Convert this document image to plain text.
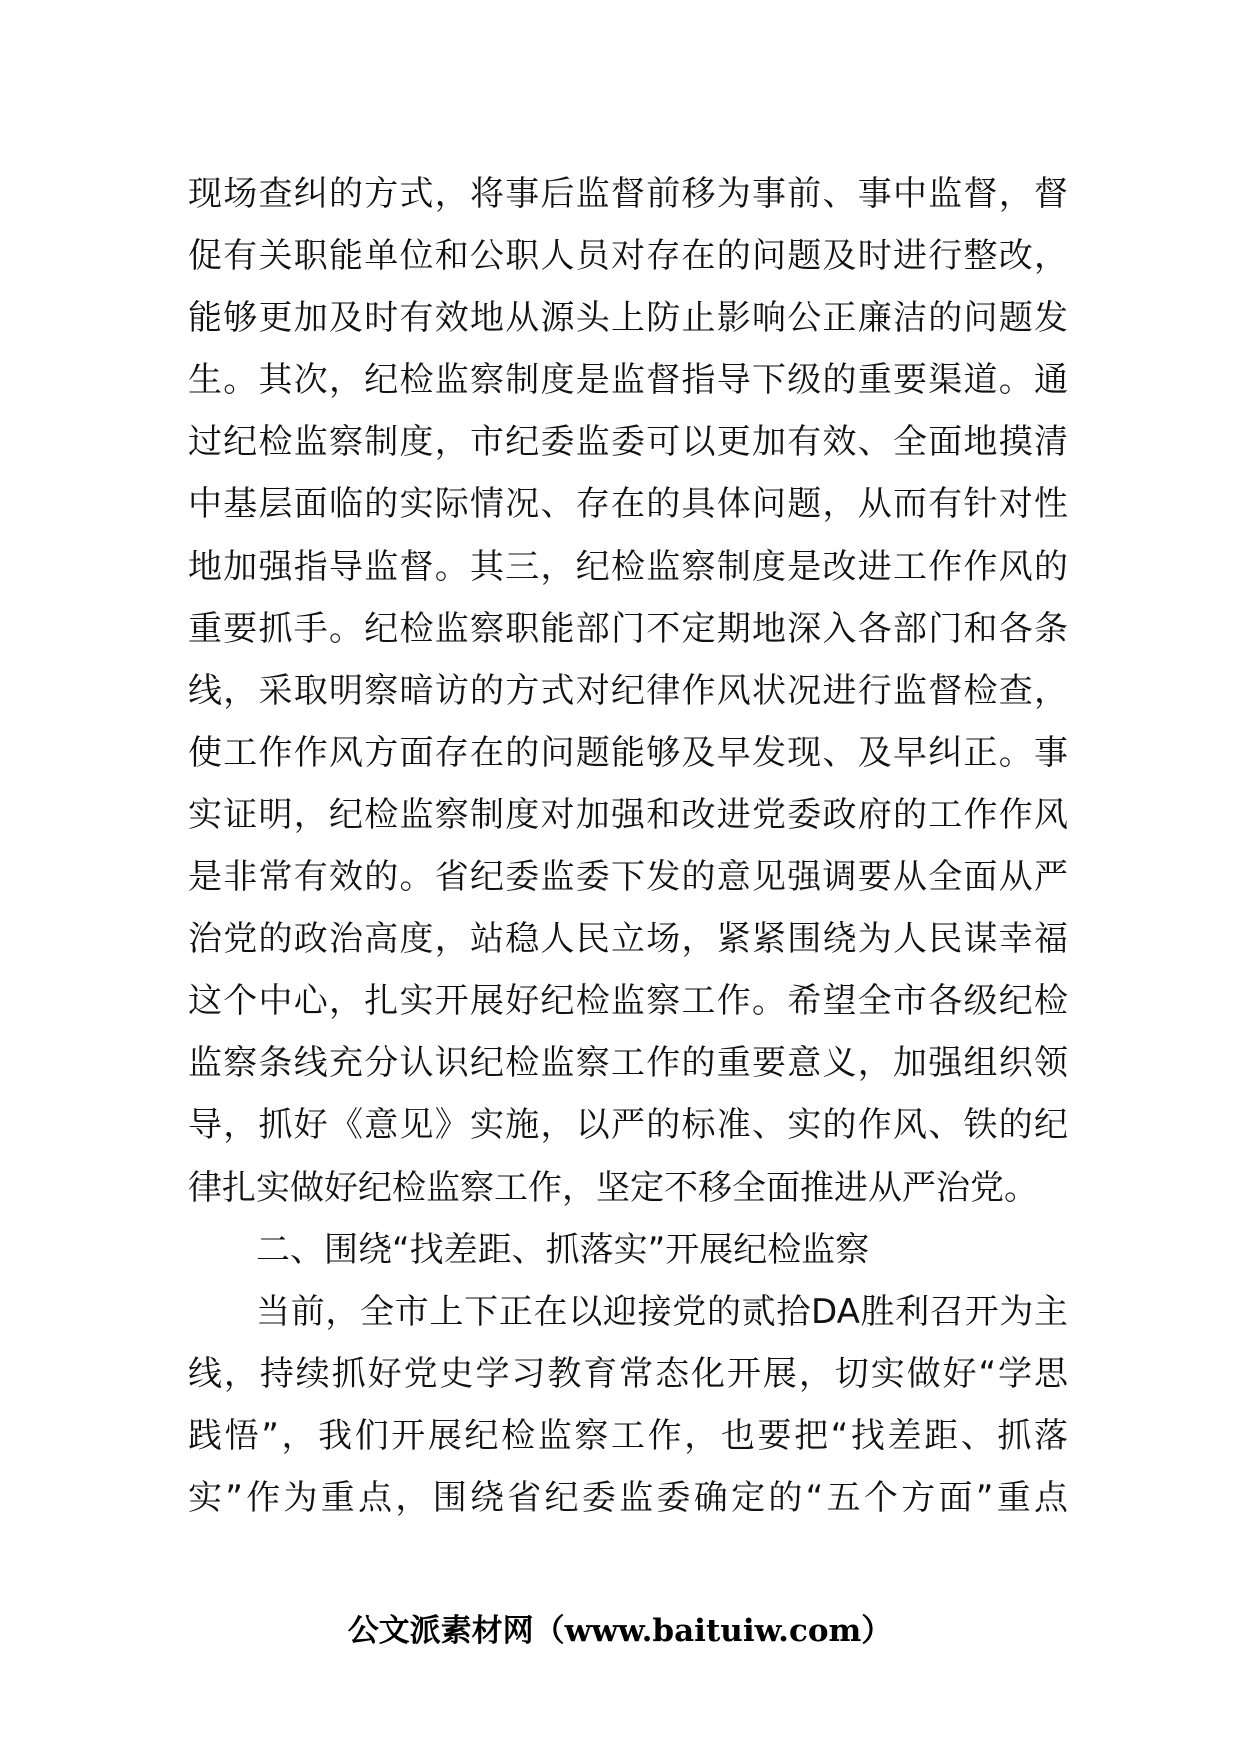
现场查纠的方式，将事后监督前移为事前、事中监督，督
促有关职能单位和公职人员对存在的问题及时进行整改，
能够更加及时有效地从源头上防止影响公正廉洁的问题发
生。其次，纪检监察制度是监督指导下级的重要渠道。通
过纪检监察制度，市纪委监委可以更加有效、全面地摸清
中基层面临的实际情况、存在的具体问题，从而有针对性
地加强指导监督。其三，纪检监察制度是改进工作作风的
重要抓手。纪检监察职能部门不定期地深入各部门和各条
线，采取明察暗访的方式对纪律作风状况进行监督检查，
使工作作风方面存在的问题能够及早发现、及早纠正。事
实证明，纪检监察制度对加强和改进党委政府的工作作风
是非常有效的。省纪委监委下发的意见强调要从全面从严
治党的政治高度，站稳人民立场，紧紧围绕为人民谋幸福
这个中心，扎实开展好纪检监察工作。希望全市各级纪检
监察条线充分认识纪检监察工作的重要意义，加强组织领
导，抓好《意见》实施，以严的标准、实的作风、铁的纪
律扎实做好纪检监察工作，坚定不移全面推进从严治党。
二、围绕“找差距、抓落实”开展纪检监察
当前，全市上下正在以迎接党的贰拾DA胜利召开为主
线，持续抓好党史学习教育常态化开展，切实做好“学思
践悟”，我们开展纪检监察工作，也要把“找差距、抓落
实”作为重点，围绕省纪委监委确定的“五个方面”重点
公文派素材网（www.baituiw.com）
